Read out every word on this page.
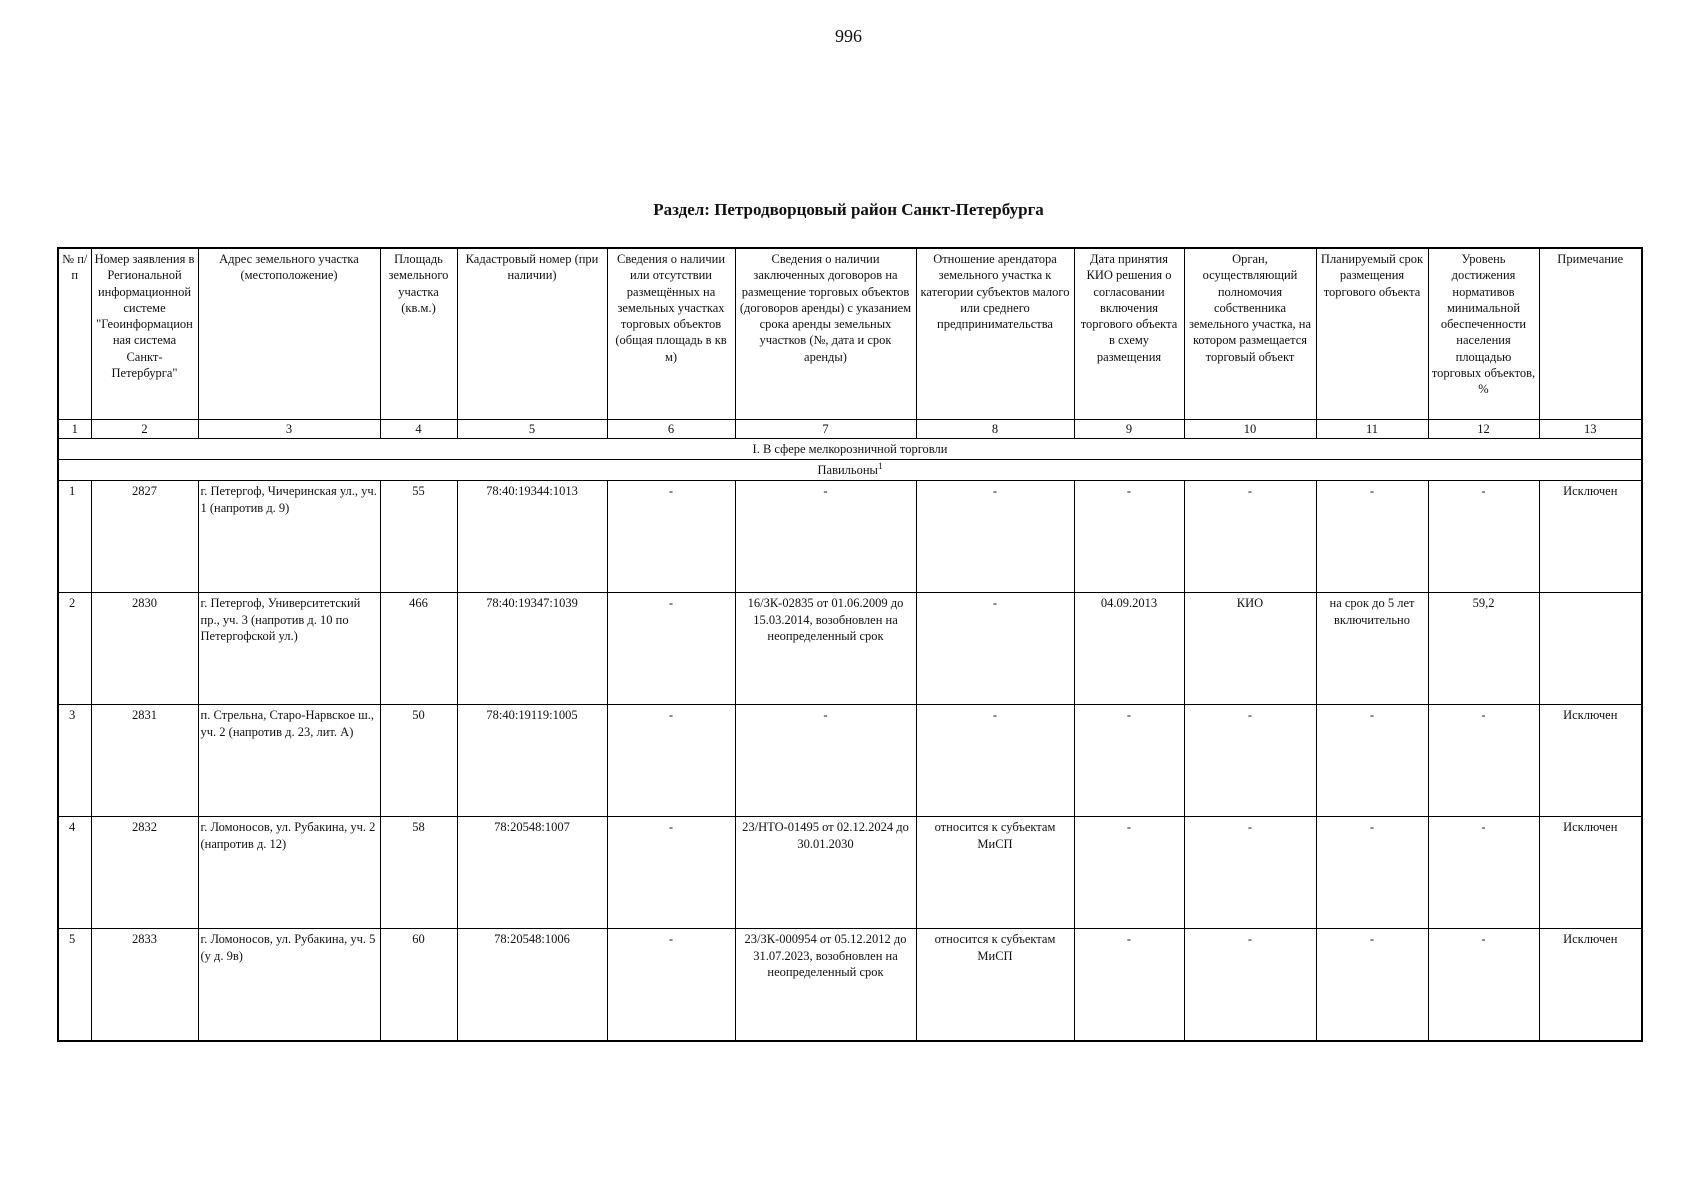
996
Раздел: Петродворцовый район Санкт-Петербурга
№ п/п	Номер заявления в Региональной информационной системе "Геоинформационная система Санкт-Петербурга"	Адрес земельного участка (местоположение)	Площадь земельного участка (кв.м.)	Кадастровый номер (при наличии)	Сведения о наличии или отсутствии размещённых на земельных участках торговых объектов (общая площадь в кв м)	Сведения о наличии заключенных договоров на размещение торговых объектов (договоров аренды) с указанием срока аренды земельных участков (№, дата и срок аренды)	Отношение арендатора земельного участка к категории субъектов малого или среднего предпринимательства	Дата принятия КИО решения о согласовании включения торгового объекта в схему размещения	Орган, осуществляющий полномочия собственника земельного участка, на котором размещается торговый объект	Планируемый срок размещения торгового объекта	Уровень достижения нормативов минимальной обеспеченности населения площадью торговых объектов, %	Примечание
1	2	3	4	5	6	7	8	9	10	11	12	13
I. В сфере мелкорозничной торговли												
Павильоны$^1$
1	2827	г. Петергоф, Чичеринская ул., уч. 1 (напротив д. 9)	55	78:40:19344:1013	-	-	-	-	-	-	-	Исключен
2	2830	г. Петергоф, Университетский пр., уч. 3 (напротив д. 10 по Петергофской ул.)	466	78:40:19347:1039	-	16/ЗК-02835 от 01.06.2009 до 15.03.2014, возобновлен на неопределенный срок	-	04.09.2013	КИО	на срок до 5 лет включительно	59,2	
3	2831	п. Стрельна, Старо-Нарвское ш., уч. 2 (напротив д. 23, лит. А)	50	78:40:19119:1005	-	-	-	-	-	-	-	Исключен
4	2832	г. Ломоносов, ул. Рубакина, уч. 2 (напротив д. 12)	58	78:20548:1007	-	23/НТО-01495 от 02.12.2024 до 30.01.2030	относится к субъектам МиСП	-	-	-	-	Исключен
5	2833	г. Ломоносов, ул. Рубакина, уч. 5 (у д. 9в)	60	78:20548:1006	-	23/ЗК-000954 от 05.12.2012 до 31.07.2023, возобновлен на неопределенный срок	относится к субъектам МиСП	-	-	-	-	Исключен
